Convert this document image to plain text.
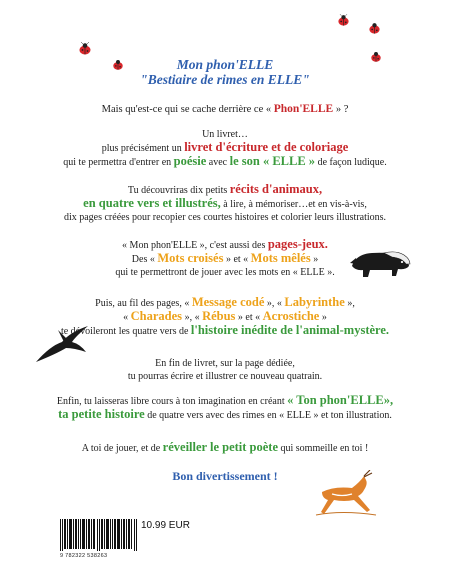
Mon phon'ELLE
"Bestiaire de rimes en ELLE"
Mais qu'est-ce qui se cache derrière ce « Phon'ELLE » ?
Un livret…
plus précisément un livret d'écriture et de coloriage
qui te permettra d'entrer en poésie avec le son « ELLE » de façon ludique.
Tu découvriras dix petits récits d'animaux,
en quatre vers et illustrés, à lire, à mémoriser…et en vis-à-vis,
dix pages créées pour recopier ces courtes histoires et colorier leurs illustrations.
« Mon phon'ELLE », c'est aussi des pages-jeux.
Des « Mots croisés » et « Mots mêlés »
qui te permettront de jouer avec les mots en « ELLE ».
Puis, au fil des pages, « Message codé », « Labyrinthe »,
« Charades », « Rébus » et « Acrostiche »
te dévoileront les quatre vers de l'histoire inédite de l'animal-mystère.
En fin de livret, sur la page dédiée,
tu pourras écrire et illustrer ce nouveau quatrain.
Enfin, tu laisseras libre cours à ton imagination en créant « Ton phon'ELLE»,
ta petite histoire de quatre vers avec des rimes en « ELLE » et ton illustration.
A toi de jouer, et de réveiller le petit poète qui sommeille en toi !
Bon divertissement !
9 782322 538263
10.99 EUR
